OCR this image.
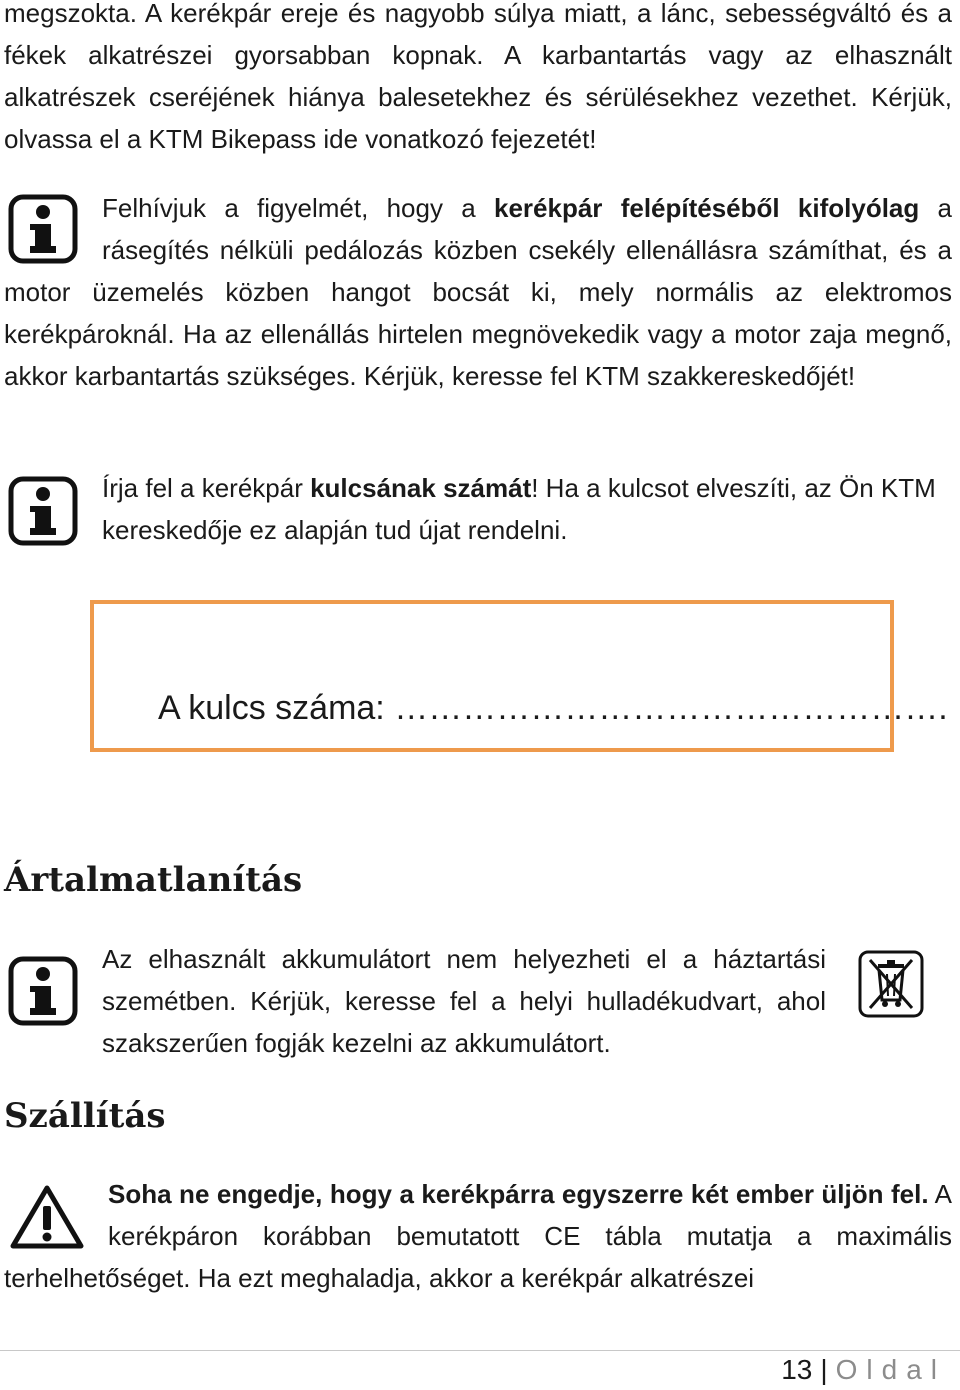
megszokta. A kerékpár ereje és nagyobb súlya miatt, a lánc, sebességváltó és a fékek alkatrészei gyorsabban kopnak. A karbantartás vagy az elhasznált alkatrészek cseréjének hiánya balesetekhez és sérülésekhez vezethet. Kérjük, olvassa el a KTM Bikepass ide vonatkozó fejezetét!

Felhívjuk a figyelmét, hogy a kerékpár felépítéséből kifolyólag a rásegítés nélküli pedálozás közben csekély ellenállásra számíthat, és a motor üzemelés közben hangot bocsát ki, mely normális az elektromos kerékpároknál. Ha az ellenállás hirtelen megnövekedik vagy a motor zaja megnő, akkor karbantartás szükséges. Kérjük, keresse fel KTM szakkereskedőjét!

Írja fel a kerékpár kulcsának számát! Ha a kulcsot elveszíti, az Ön KTM kereskedője ez alapján tud újat rendelni.

A kulcs száma: ………………………………………….
Ártalmatlanítás

Az elhasznált akkumulátort nem helyezheti el a háztartási szemétben. Kérjük, keresse fel a helyi hulladékudvart, ahol szakszerűen fogják kezelni az akkumulátort.

Szállítás

Soha ne engedje, hogy a kerékpárra egyszerre két ember üljön fel. A kerékpáron korábban bemutatott CE tábla mutatja a maximális terhelhetőséget. Ha ezt meghaladja, akkor a kerékpár alkatrészei

13 | Oldal
